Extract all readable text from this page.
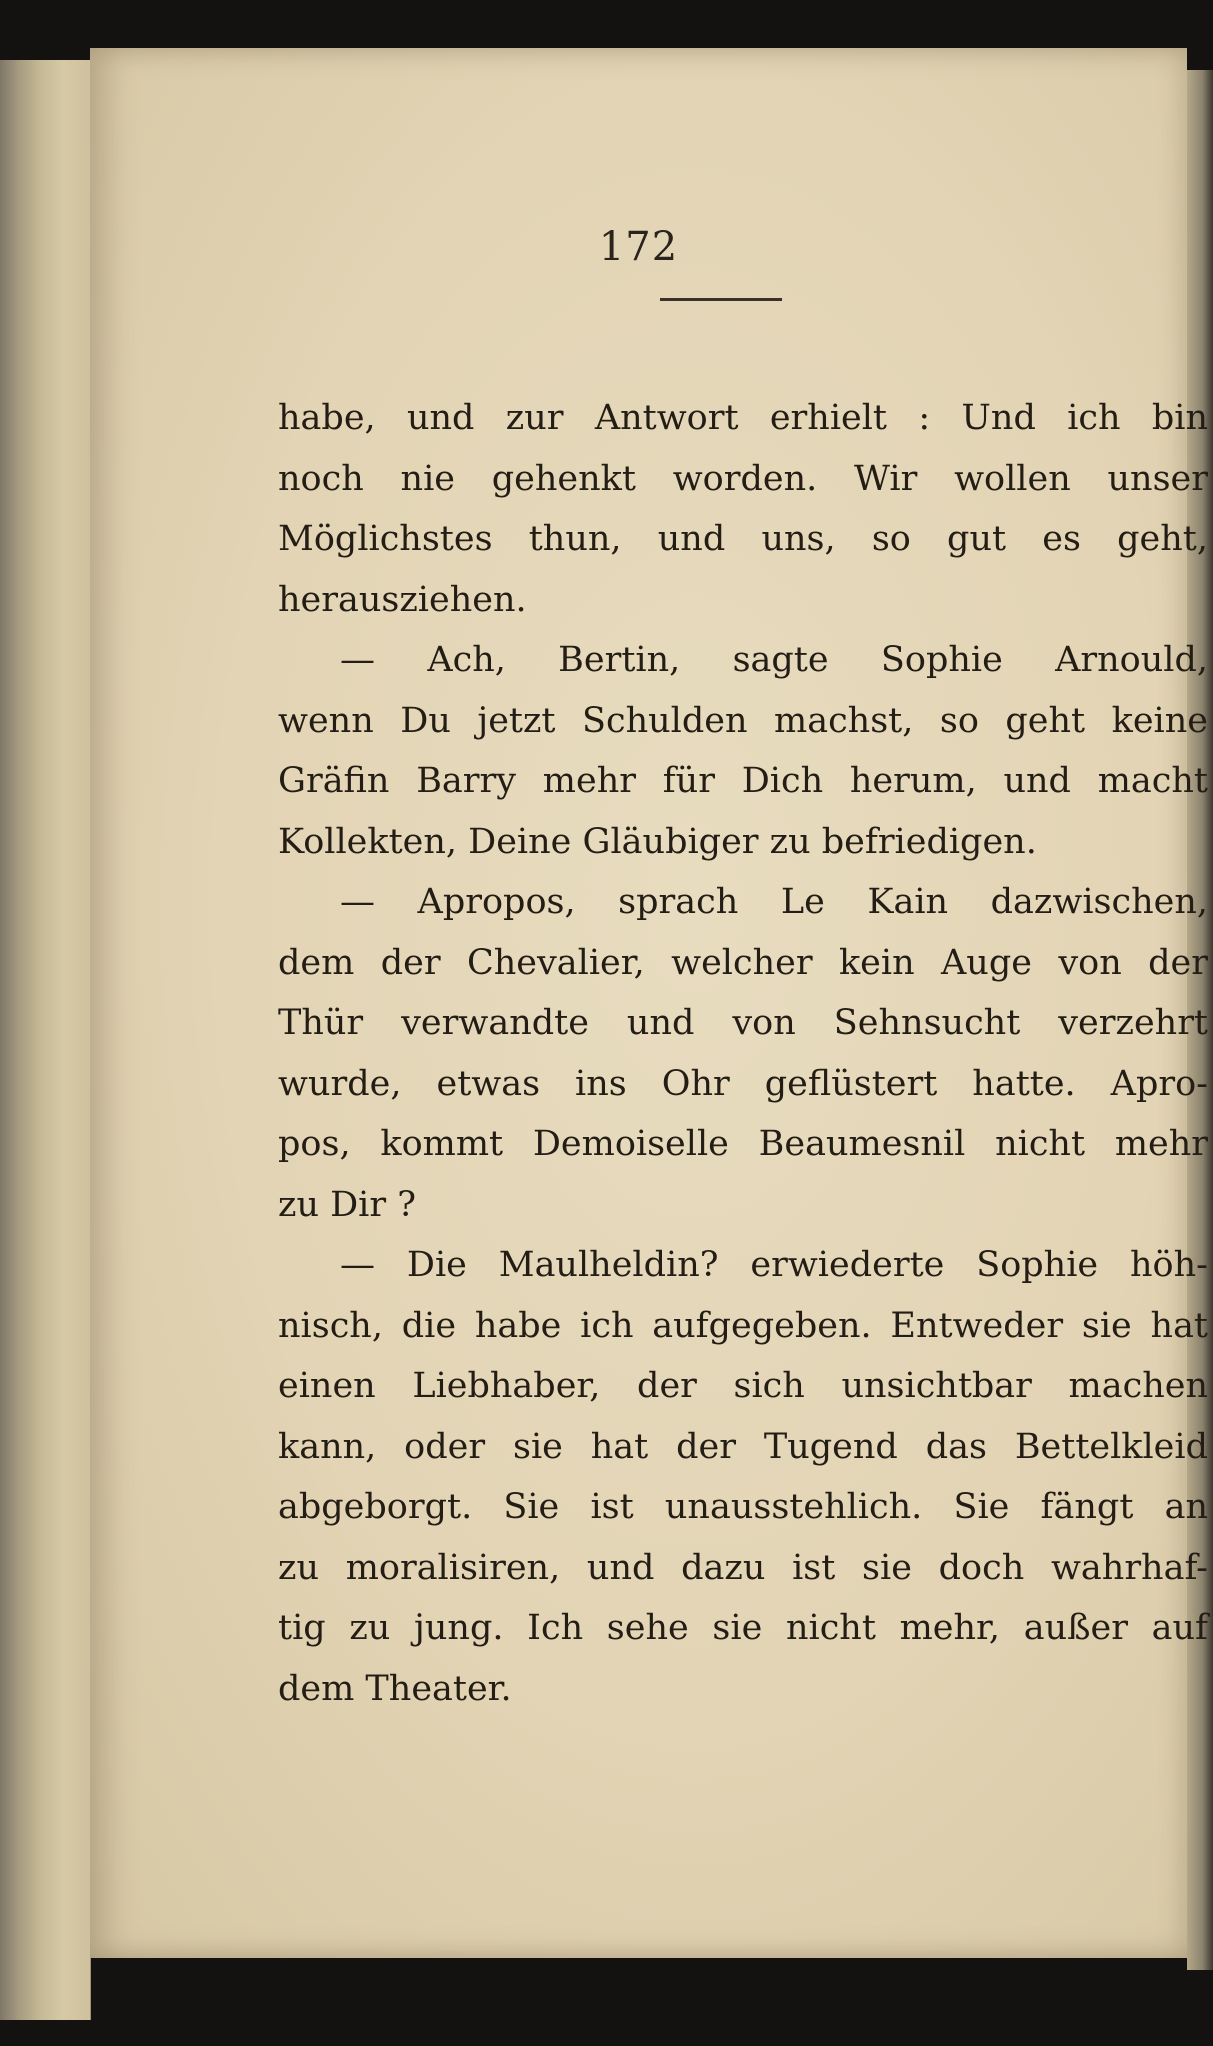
172
habe, und zur Antwort erhielt : Und ich bin
noch nie gehenkt worden. Wir wollen unser
Möglichstes thun, und uns, so gut es geht,
herausziehen.
— Ach, Bertin, sagte Sophie Arnould,
wenn Du jetzt Schulden machst, so geht keine
Gräfin Barry mehr für Dich herum, und macht
Kollekten, Deine Gläubiger zu befriedigen.
— Apropos, sprach Le Kain dazwischen,
dem der Chevalier, welcher kein Auge von der
Thür verwandte und von Sehnsucht verzehrt
wurde, etwas ins Ohr geflüstert hatte. Apro-
pos, kommt Demoiselle Beaumesnil nicht mehr
zu Dir ?
— Die Maulheldin? erwiederte Sophie höh-
nisch, die habe ich aufgegeben. Entweder sie hat
einen Liebhaber, der sich unsichtbar machen
kann, oder sie hat der Tugend das Bettelkleid
abgeborgt. Sie ist unausstehlich. Sie fängt an
zu moralisiren, und dazu ist sie doch wahrhaf-
tig zu jung. Ich sehe sie nicht mehr, außer auf
dem Theater.
